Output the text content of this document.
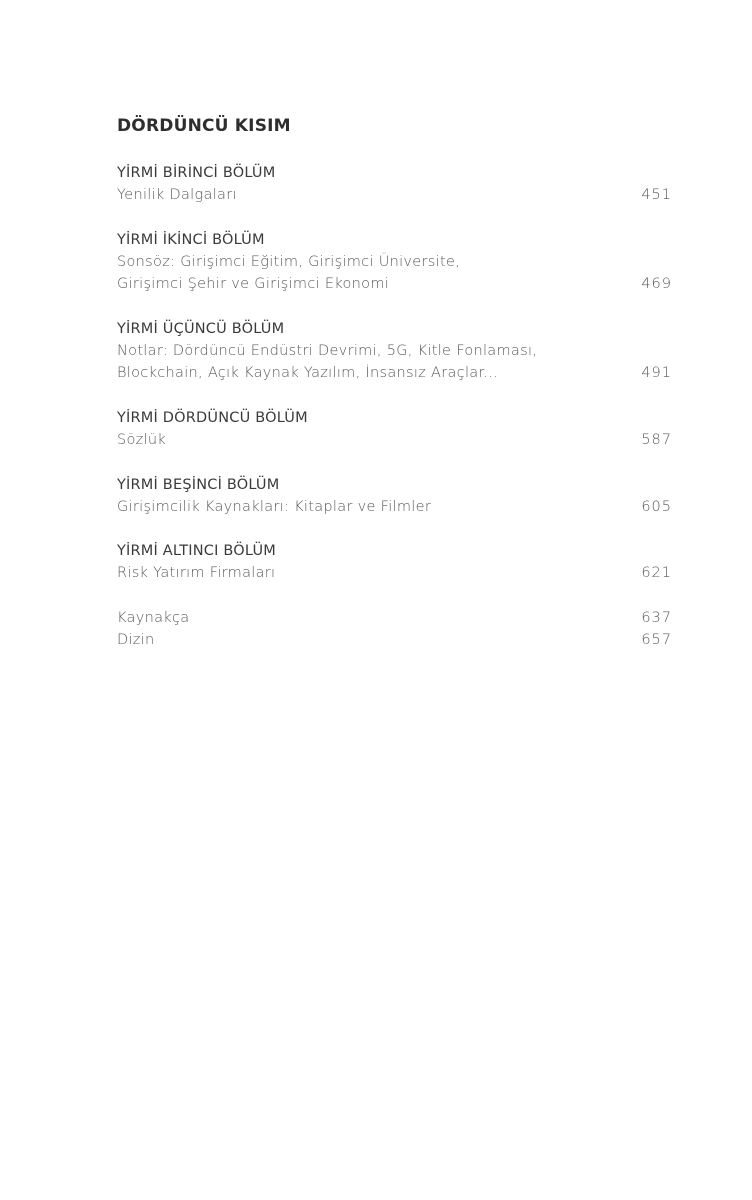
DÖRDÜNCÜ KISIM
YİRMİ BİRİNCİ BÖLÜM
Yenilik Dalgaları	451
YİRMİ İKİNCİ BÖLÜM
Sonsöz: Girişimci Eğitim, Girişimci Üniversite,
Girişimci Şehir ve Girişimci Ekonomi	469
YİRMİ ÜÇÜNCÜ BÖLÜM
Notlar: Dördüncü Endüstri Devrimi, 5G, Kitle Fonlaması,
Blockchain, Açık Kaynak Yazılım, İnsansız Araçlar...	491
YİRMİ DÖRDÜNCÜ BÖLÜM
Sözlük	587
YİRMİ BEŞİNCİ BÖLÜM
Girişimcilik Kaynakları: Kitaplar ve Filmler	605
YİRMİ ALTINCI BÖLÜM
Risk Yatırım Firmaları	621
Kaynakça	637
Dizin	657
